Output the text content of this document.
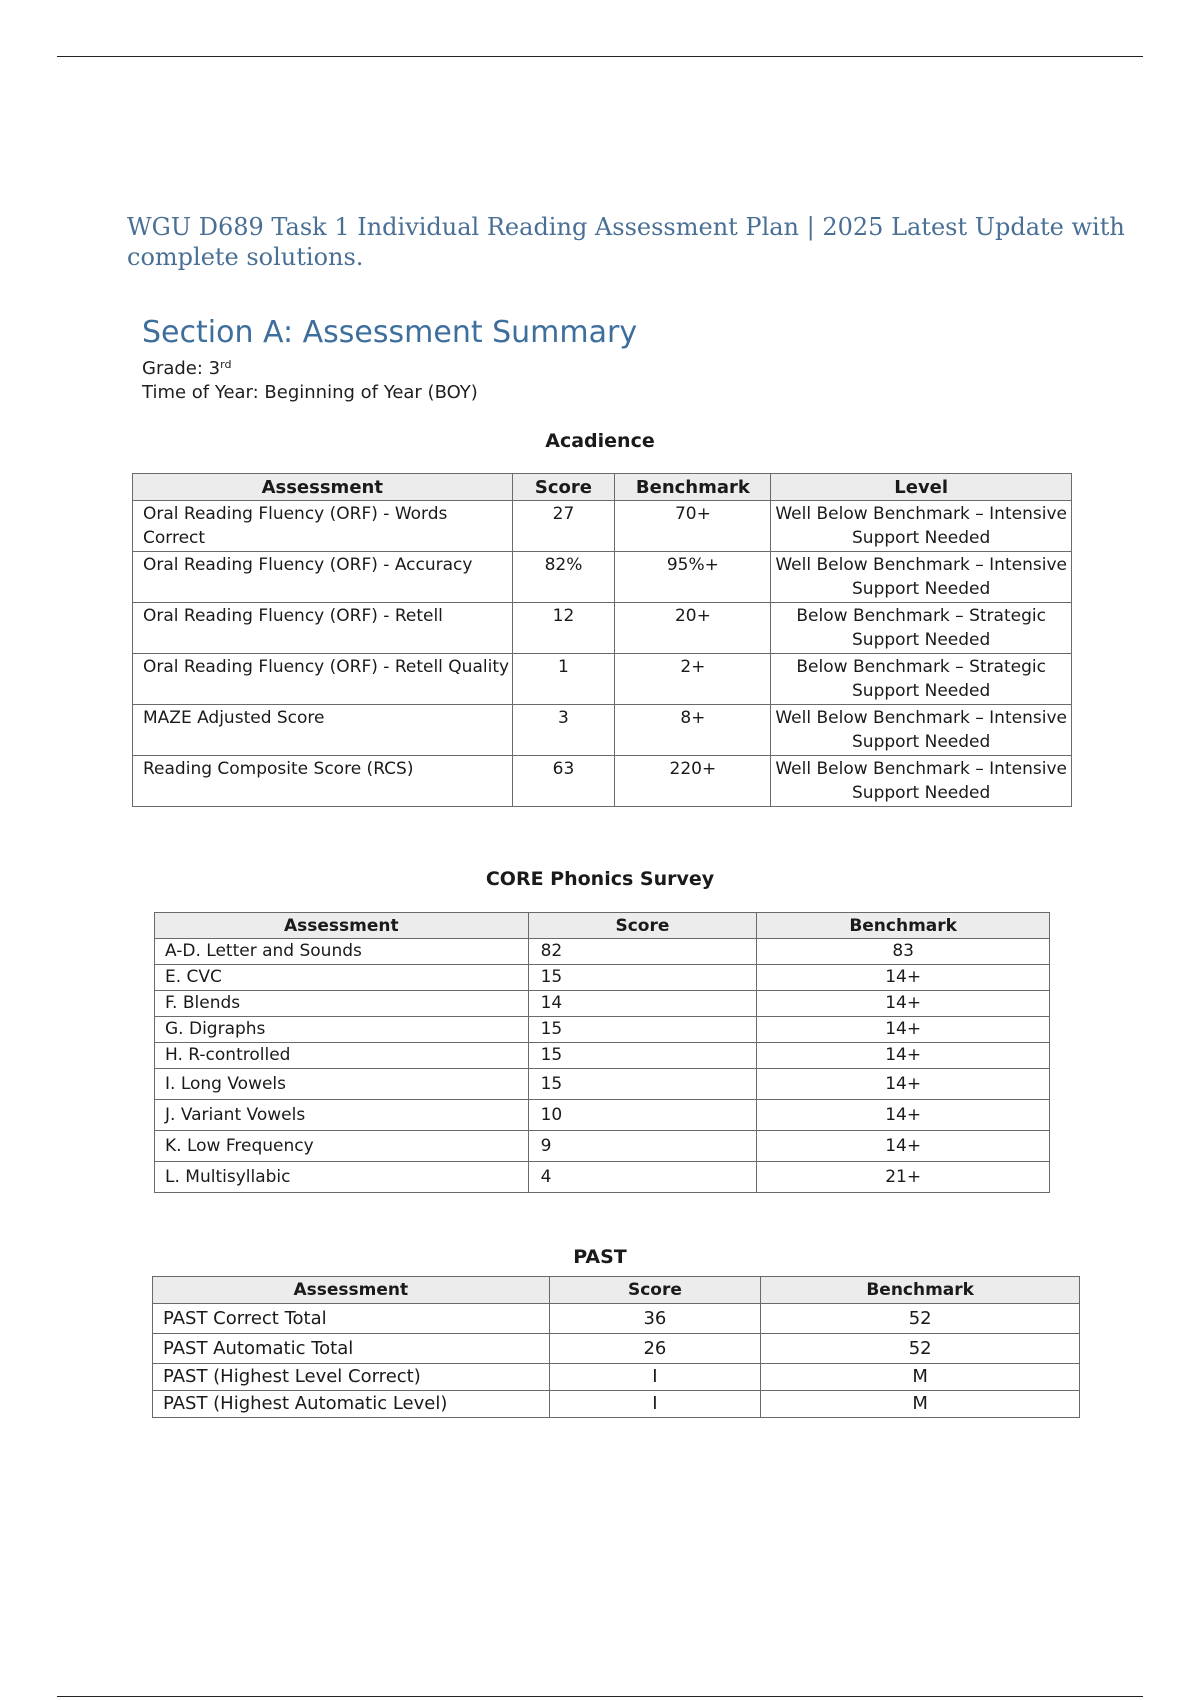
WGU D689 Task 1 Individual Reading Assessment Plan | 2025 Latest Update with complete solutions.
Section A: Assessment Summary
Grade: 3rd
Time of Year: Beginning of Year (BOY)
Acadience
Assessment	Score	Benchmark	Level
Oral Reading Fluency (ORF) - Words Correct	27	70+	Well Below Benchmark – Intensive Support Needed
Oral Reading Fluency (ORF) - Accuracy	82%	95%+	Well Below Benchmark – Intensive Support Needed
Oral Reading Fluency (ORF) - Retell	12	20+	Below Benchmark – Strategic Support Needed
Oral Reading Fluency (ORF) - Retell Quality	1	2+	Below Benchmark – Strategic Support Needed
MAZE Adjusted Score	3	8+	Well Below Benchmark – Intensive Support Needed
Reading Composite Score (RCS)	63	220+	Well Below Benchmark – Intensive Support Needed
CORE Phonics Survey
Assessment	Score	Benchmark
A-D. Letter and Sounds	82	83
E. CVC	15	14+
F. Blends	14	14+
G. Digraphs	15	14+
H. R-controlled	15	14+
I. Long Vowels	15	14+
J. Variant Vowels	10	14+
K. Low Frequency	9	14+
L. Multisyllabic	4	21+
PAST
Assessment	Score	Benchmark
PAST Correct Total	36	52
PAST Automatic Total	26	52
PAST (Highest Level Correct)	I	M
PAST (Highest Automatic Level)	I	M
